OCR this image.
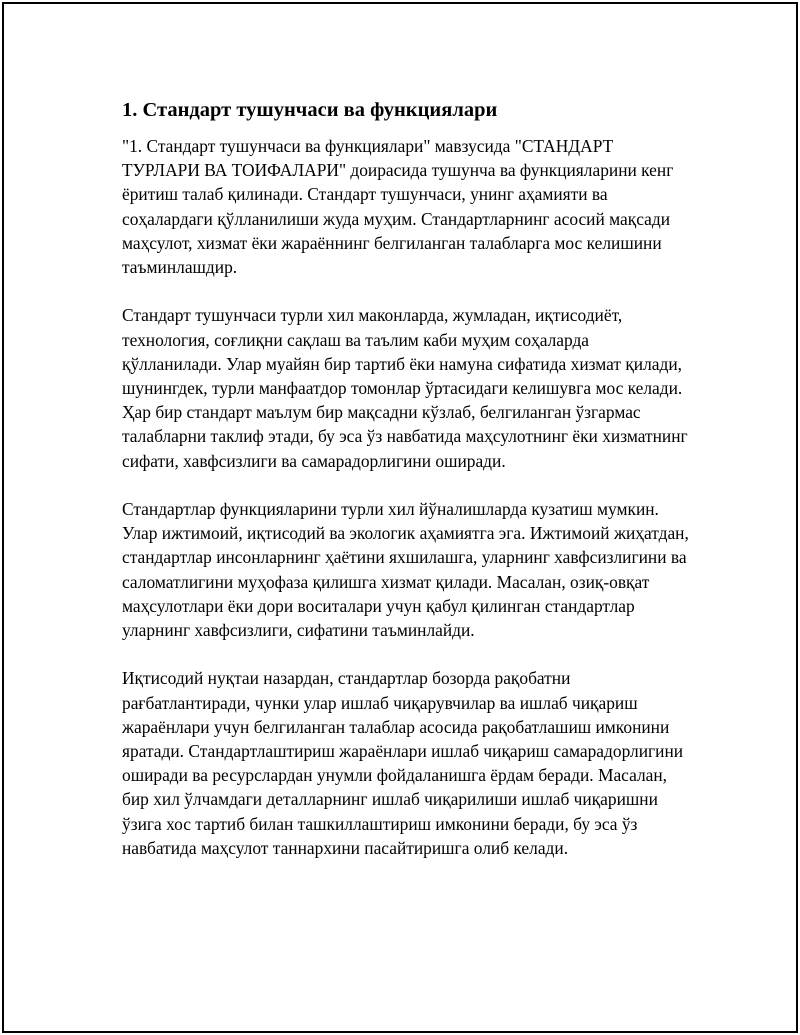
1. Стандарт тушунчаси ва функциялари

"1. Стандарт тушунчаси ва функциялари" мавзусида "СТАНДАРТ ТУРЛАРИ ВА ТОИФАЛАРИ" доирасида тушунча ва функцияларини кенг ёритиш талаб қилинади. Стандарт тушунчаси, унинг аҳамияти ва соҳалардаги қўлланилиши жуда муҳим. Стандартларнинг асосий мақсади маҳсулот, хизмат ёки жараённинг белгиланган талабларга мос келишини таъминлашдир.

Стандарт тушунчаси турли хил маконларда, жумладан, иқтисодиёт, технология, соғлиқни сақлаш ва таълим каби муҳим соҳаларда қўлланилади. Улар муайян бир тартиб ёки намуна сифатида хизмат қилади, шунингдек, турли манфаатдор томонлар ўртасидаги келишувга мос келади. Ҳар бир стандарт маълум бир мақсадни кўзлаб, белгиланган ўзгармас талабларни таклиф этади, бу эса ўз навбатида маҳсулотнинг ёки хизматнинг сифати, хавфсизлиги ва самарадорлигини оширади.

Стандартлар функцияларини турли хил йўналишларда кузатиш мумкин. Улар ижтимоий, иқтисодий ва экологик аҳамиятга эга. Ижтимоий жиҳатдан, стандартлар инсонларнинг ҳаётини яхшилашга, уларнинг хавфсизлигини ва саломатлигини муҳофаза қилишга хизмат қилади. Масалан, озиқ-овқат маҳсулотлари ёки дори воситалари учун қабул қилинган стандартлар уларнинг хавфсизлиги, сифатини таъминлайди.

Иқтисодий нуқтаи назардан, стандартлар бозорда рақобатни рағбатлантиради, чунки улар ишлаб чиқарувчилар ва ишлаб чиқариш жараёнлари учун белгиланган талаблар асосида рақобатлашиш имконини яратади. Стандартлаштириш жараёнлари ишлаб чиқариш самарадорлигини оширади ва ресурслардан унумли фойдаланишга ёрдам беради. Масалан, бир хил ўлчамдаги деталларнинг ишлаб чиқарилиши ишлаб чиқаришни ўзига хос тартиб билан ташкиллаштириш имконини беради, бу эса ўз навбатида маҳсулот таннархини пасайтиришга олиб келади.
